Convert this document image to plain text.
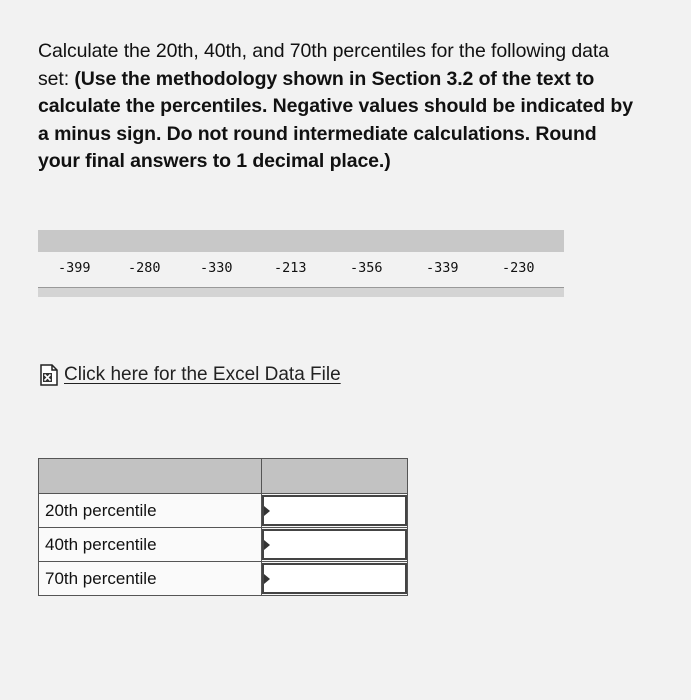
Calculate the 20th, 40th, and 70th percentiles for the following data set: (Use the methodology shown in Section 3.2 of the text to calculate the percentiles. Negative values should be indicated by a minus sign. Do not round intermediate calculations. Round your final answers to 1 decimal place.)
-399	-280	-330	-213	-356	-339	-230
Click here for the Excel Data File

20th percentile	

40th percentile	

70th percentile	
